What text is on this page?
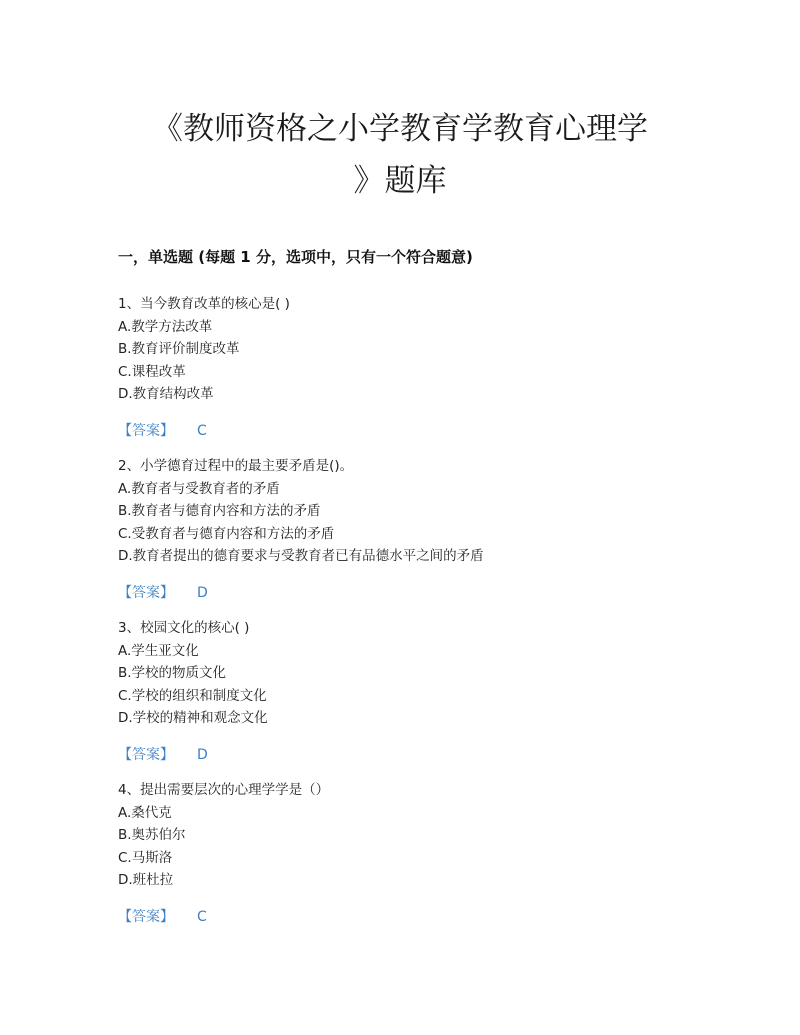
《教师资格之小学教育学教育心理学
》题库
一，单选题 (每题 1 分，选项中，只有一个符合题意)
1、当今教育改革的核心是( )
A.教学方法改革
B.教育评价制度改革
C.课程改革
D.教育结构改革
【答案】 C
2、小学德育过程中的最主要矛盾是()。
A.教育者与受教育者的矛盾
B.教育者与德育内容和方法的矛盾
C.受教育者与德育内容和方法的矛盾
D.教育者提出的德育要求与受教育者已有品德水平之间的矛盾
【答案】 D
3、校园文化的核心( )
A.学生亚文化
B.学校的物质文化
C.学校的组织和制度文化
D.学校的精神和观念文化
【答案】 D
4、提出需要层次的心理学学是（）
A.桑代克
B.奥苏伯尔
C.马斯洛
D.班杜拉
【答案】 C
